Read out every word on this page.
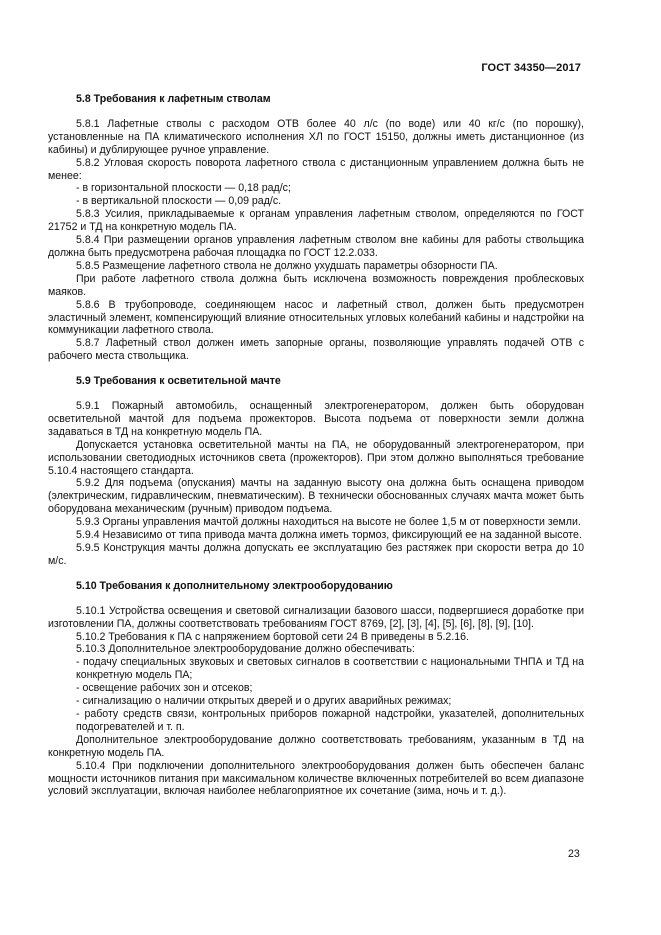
ГОСТ 34350—2017
5.8 Требования к лафетным стволам

5.8.1 Лафетные стволы с расходом ОТВ более 40 л/с (по воде) или 40 кг/с (по порошку), установленные на ПА климатического исполнения ХЛ по ГОСТ 15150, должны иметь дистанционное (из кабины) и дублирующее ручное управление.

5.8.2 Угловая скорость поворота лафетного ствола с дистанционным управлением должна быть не менее:

- в горизонтальной плоскости — 0,18 рад/с;

- в вертикальной плоскости — 0,09 рад/с.

5.8.3 Усилия, прикладываемые к органам управления лафетным стволом, определяются по ГОСТ 21752 и ТД на конкретную модель ПА.

5.8.4 При размещении органов управления лафетным стволом вне кабины для работы ствольщика должна быть предусмотрена рабочая площадка по ГОСТ 12.2.033.

5.8.5 Размещение лафетного ствола не должно ухудшать параметры обзорности ПА.

При работе лафетного ствола должна быть исключена возможность повреждения проблесковых маяков.

5.8.6 В трубопроводе, соединяющем насос и лафетный ствол, должен быть предусмотрен эластичный элемент, компенсирующий влияние относительных угловых колебаний кабины и надстройки на коммуникации лафетного ствола.

5.8.7 Лафетный ствол должен иметь запорные органы, позволяющие управлять подачей ОТВ с рабочего места ствольщика.

5.9 Требования к осветительной мачте

5.9.1 Пожарный автомобиль, оснащенный электрогенератором, должен быть оборудован осветительной мачтой для подъема прожекторов. Высота подъема от поверхности земли должна задаваться в ТД на конкретную модель ПА.

Допускается установка осветительной мачты на ПА, не оборудованный электрогенератором, при использовании светодиодных источников света (прожекторов). При этом должно выполняться требование 5.10.4 настоящего стандарта.

5.9.2 Для подъема (опускания) мачты на заданную высоту она должна быть оснащена приводом (электрическим, гидравлическим, пневматическим). В технически обоснованных случаях мачта может быть оборудована механическим (ручным) приводом подъема.

5.9.3 Органы управления мачтой должны находиться на высоте не более 1,5 м от поверхности земли.

5.9.4 Независимо от типа привода мачта должна иметь тормоз, фиксирующий ее на заданной высоте.

5.9.5 Конструкция мачты должна допускать ее эксплуатацию без растяжек при скорости ветра до 10 м/с.

5.10 Требования к дополнительному электрооборудованию

5.10.1 Устройства освещения и световой сигнализации базового шасси, подвергшиеся доработке при изготовлении ПА, должны соответствовать требованиям ГОСТ 8769, [2], [3], [4], [5], [6], [8], [9], [10].

5.10.2 Требования к ПА с напряжением бортовой сети 24 В приведены в 5.2.16.

5.10.3 Дополнительное электрооборудование должно обеспечивать:

- подачу специальных звуковых и световых сигналов в соответствии с национальными ТНПА и ТД на конкретную модель ПА;

- освещение рабочих зон и отсеков;

- сигнализацию о наличии открытых дверей и о других аварийных режимах;

- работу средств связи, контрольных приборов пожарной надстройки, указателей, дополнительных подогревателей и т. п.

Дополнительное электрооборудование должно соответствовать требованиям, указанным в ТД на конкретную модель ПА.

5.10.4 При подключении дополнительного электрооборудования должен быть обеспечен баланс мощности источников питания при максимальном количестве включенных потребителей во всем диапазоне условий эксплуатации, включая наиболее неблагоприятное их сочетание (зима, ночь и т. д.).

23
